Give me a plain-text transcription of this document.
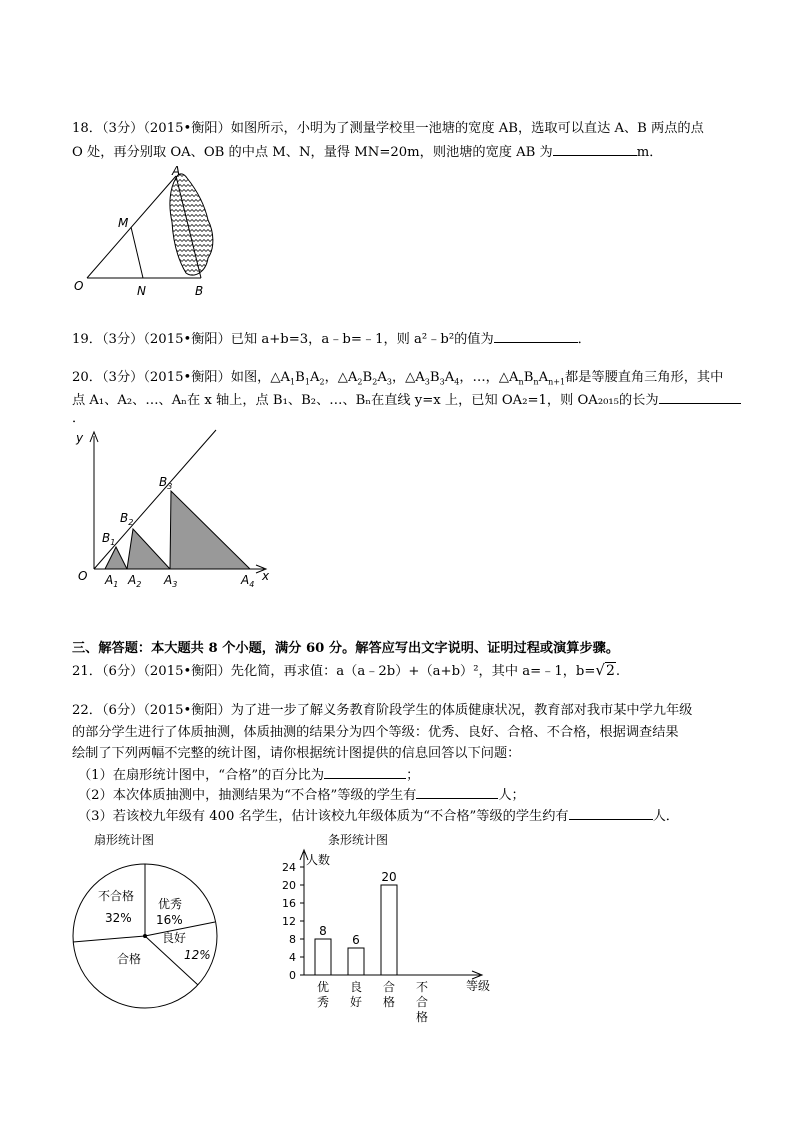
18．（3分）（2015•衡阳）如图所示，小明为了测量学校里一池塘的宽度 AB，选取可以直达 A、B 两点的点
O 处，再分别取 OA、OB 的中点 M、N，量得 MN=20m，则池塘的宽度 AB 为	m．
A
M
O	N	B
19．（3分）（2015•衡阳）已知 a+b=3，a﹣b=﹣1，则 a²﹣b²的值为	．
20．（3分）（2015•衡阳）如图，$\triangle A_1B_1A_2$，$\triangle A_2B_2A_3$，$\triangle A_3B_3A_4$，…，$\triangle A_nB_nA_{n+1}$都是等腰直角三角形，其中
点 A₁、A₂、…、Aₙ在 x 轴上，点 B₁、B₂、…、Bₙ在直线 y=x 上，已知 OA₂=1，则 OA₂₀₁₅的长为
．
y
x
O
$B_1$
$B_2$
$B_3$
$A_1$ $A_2$ $A_3$	$A_4$
三、解答题：本大题共 8 个小题，满分 60 分。解答应写出文字说明、证明过程或演算步骤。
21．（6分）（2015•衡阳）先化简，再求值：a（a﹣2b）+（a+b）²，其中 a=﹣1，b=√2.
22．（6分）（2015•衡阳）为了进一步了解义务教育阶段学生的体质健康状况，教育部对我市某中学九年级
的部分学生进行了体质抽测，体质抽测的结果分为四个等级：优秀、良好、合格、不合格，根据调查结果
绘制了下列两幅不完整的统计图，请你根据统计图提供的信息回答以下问题：
（1）在扇形统计图中，“合格”的百分比为	；
（2）本次体质抽测中，抽测结果为“不合格”等级的学生有	人；
（3）若该校九年级有 400 名学生，估计该校九年级体质为“不合格”等级的学生约有	人．
扇形统计图
不合格
32%
优秀
16%
良好
12%
合格
条形统计图
人数
等级
0
4
8
12
16
20
24
8
6
20
优
秀
良
好
合
格
不
合
格
